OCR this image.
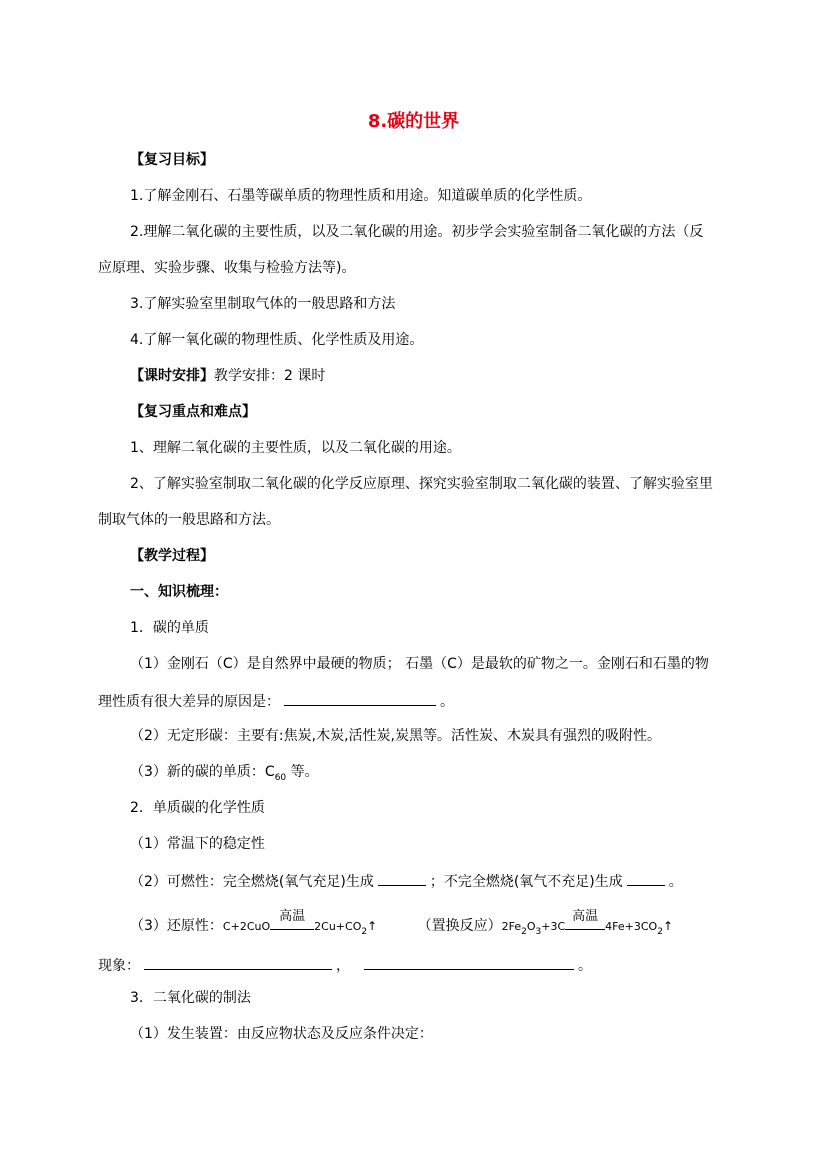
8.碳的世界
【复习目标】
1.了解金刚石、石墨等碳单质的物理性质和用途。知道碳单质的化学性质。
2.理解二氧化碳的主要性质，以及二氧化碳的用途。初步学会实验室制备二氧化碳的方法（反
应原理、实验步骤、收集与检验方法等)。
3.了解实验室里制取气体的一般思路和方法
4.了解一氧化碳的物理性质、化学性质及用途。
【课时安排】教学安排：2 课时
【复习重点和难点】
1、理解二氧化碳的主要性质，以及二氧化碳的用途。
2、了解实验室制取二氧化碳的化学反应原理、探究实验室制取二氧化碳的装置、了解实验室里
制取气体的一般思路和方法。
【教学过程】
一、知识梳理：
1．碳的单质
（1）金刚石（C）是自然界中最硬的物质； 石墨（C）是最软的矿物之一。金刚石和石墨的物
理性质有很大差异的原因是：	。
（2）无定形碳：主要有:焦炭,木炭,活性炭,炭黑等。活性炭、木炭具有强烈的吸附性。
（3）新的碳的单质：$C_{60}$ 等。
2．单质碳的化学性质
（1）常温下的稳定性
（2）可燃性：完全燃烧(氧气充足)生成	；不完全燃烧(氧气不充足)生成	。
（3）还原性：C+2CuO
高温
$2Cu+CO_2↑$	（置换反应）$2Fe_2O_3+3C$
高温
$4Fe+3CO_2↑$
现象：	，	。
3．二氧化碳的制法
（1）发生装置：由反应物状态及反应条件决定：
